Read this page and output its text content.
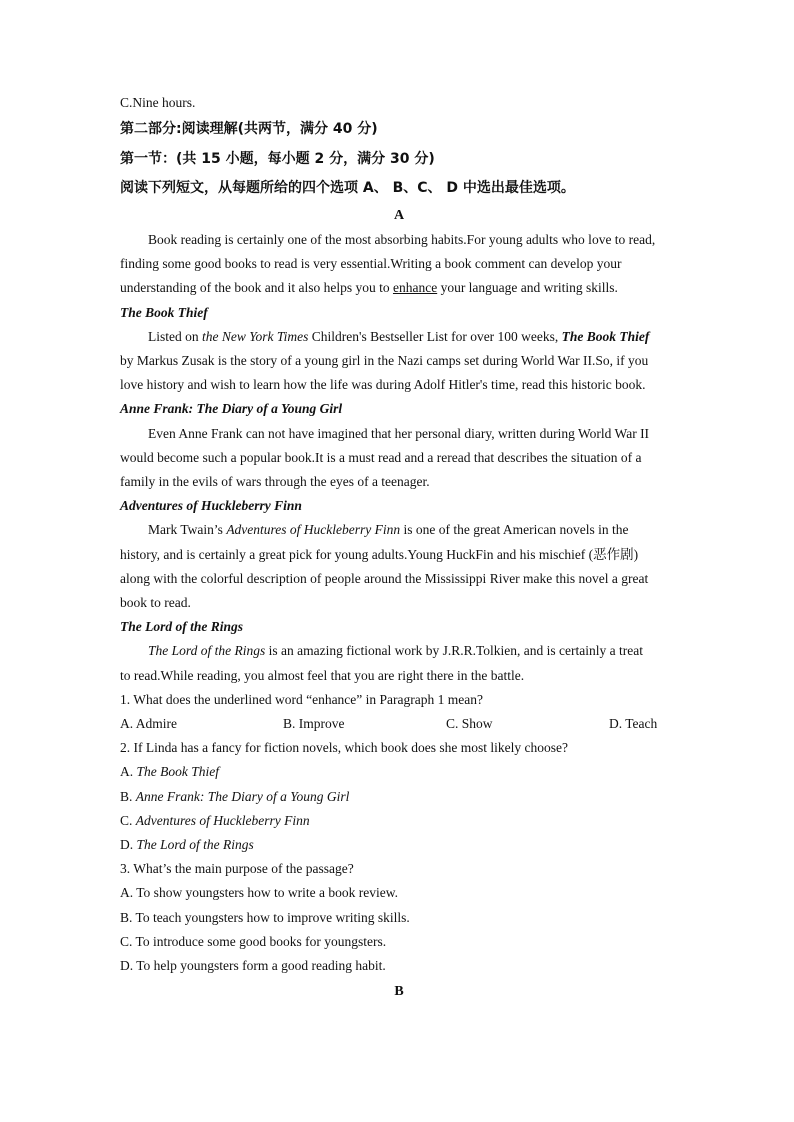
C.Nine hours.
第二部分:阅读理解(共两节，满分 40 分)
第一节：(共 15 小题，每小题 2 分，满分 30 分)
阅读下列短文，从每题所给的四个选项 A、 B、C、 D 中选出最佳选项。
A
Book reading is certainly one of the most absorbing habits.For young adults who love to read,
finding some good books to read is very essential.Writing a book comment can develop your
understanding of the book and it also helps you to enhance your language and writing skills.
The Book Thief
Listed on the New York Times Children's Bestseller List for over 100 weeks, The Book Thief
by Markus Zusak is the story of a young girl in the Nazi camps set during World War II.So, if you
love history and wish to learn how the life was during Adolf Hitler's time, read this historic book.
Anne Frank: The Diary of a Young Girl
Even Anne Frank can not have imagined that her personal diary, written during World War II
would become such a popular book.It is a must read and a reread that describes the situation of a
family in the evils of wars through the eyes of a teenager.
Adventures of Huckleberry Finn
Mark Twain’s Adventures of Huckleberry Finn is one of the great American novels in the
history, and is certainly a great pick for young adults.Young HuckFin and his mischief (恶作剧)
along with the colorful description of people around the Mississippi River make this novel a great
book to read.
The Lord of the Rings
The Lord of the Rings is an amazing fictional work by J.R.R.Tolkien, and is certainly a treat
to read.While reading, you almost feel that you are right there in the battle.
1. What does the underlined word “enhance” in Paragraph 1 mean?
A. Admire	B. Improve	C. Show	D. Teach
2. If Linda has a fancy for fiction novels, which book does she most likely choose?
A. The Book Thief
B. Anne Frank: The Diary of a Young Girl
C. Adventures of Huckleberry Finn
D. The Lord of the Rings
3. What’s the main purpose of the passage?
A. To show youngsters how to write a book review.
B. To teach youngsters how to improve writing skills.
C. To introduce some good books for youngsters.
D. To help youngsters form a good reading habit.
B
